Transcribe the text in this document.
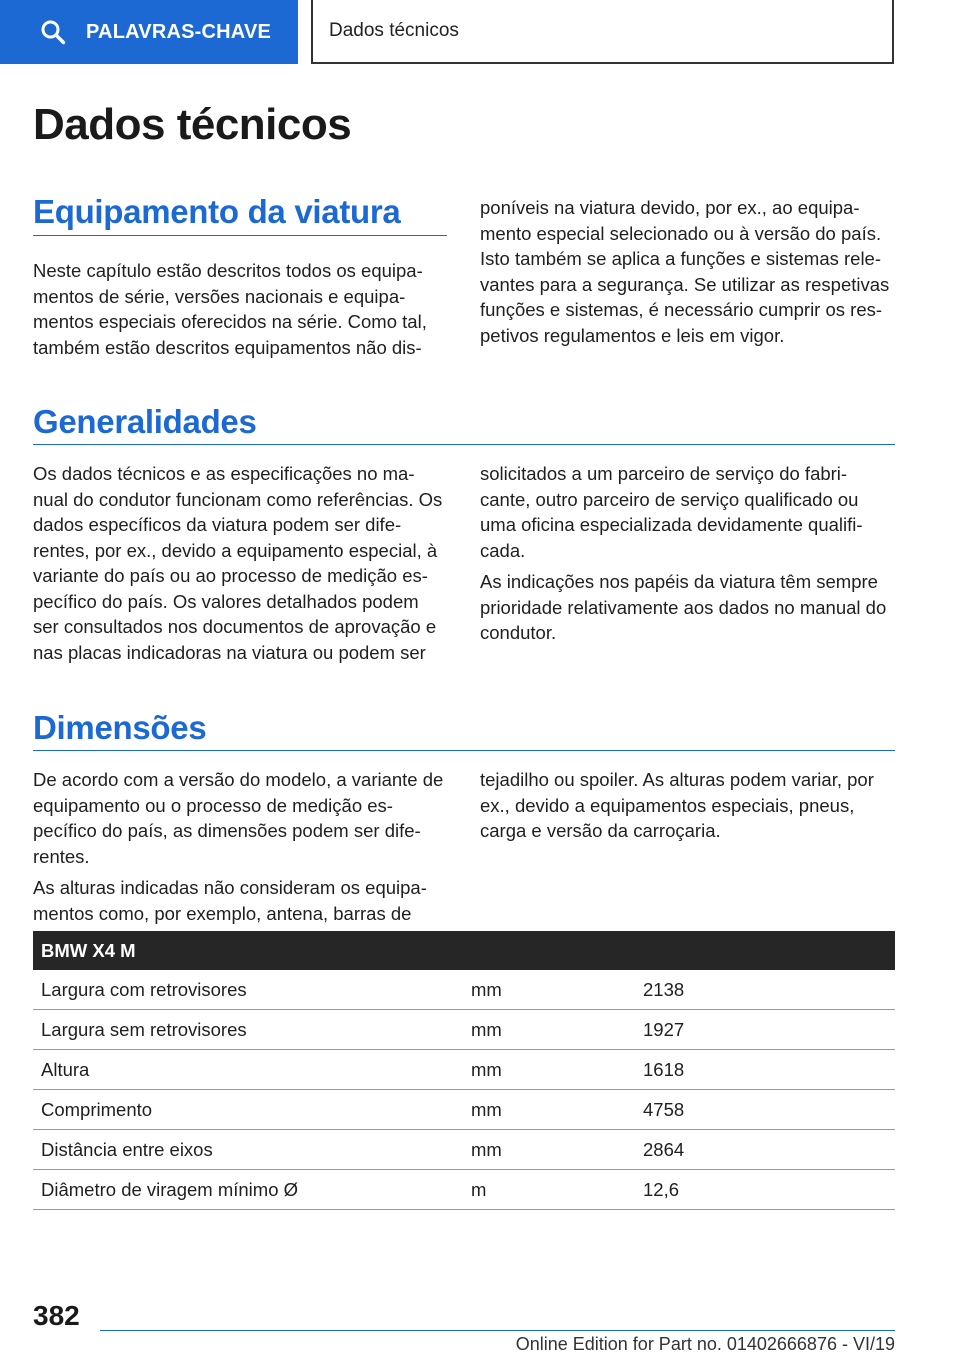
PALAVRAS-CHAVE	Dados técnicos
Dados técnicos
Equipamento da viatura

Neste capítulo estão descritos todos os equipa-mentos de série, versões nacionais e equipa-mentos especiais oferecidos na série. Como tal, também estão descritos equipamentos não dis-

poníveis na viatura devido, por ex., ao equipa-mento especial selecionado ou à versão do país. Isto também se aplica a funções e sistemas rele-vantes para a segurança. Se utilizar as respetivas funções e sistemas, é necessário cumprir os res-petivos regulamentos e leis em vigor.

Generalidades

Os dados técnicos e as especificações no ma-nual do condutor funcionam como referências. Os dados específicos da viatura podem ser dife-rentes, por ex., devido a equipamento especial, à variante do país ou ao processo de medição es-pecífico do país. Os valores detalhados podem ser consultados nos documentos de aprovação e nas placas indicadoras na viatura ou podem ser

solicitados a um parceiro de serviço do fabri-cante, outro parceiro de serviço qualificado ou uma oficina especializada devidamente qualifi-cada.

As indicações nos papéis da viatura têm sempre prioridade relativamente aos dados no manual do condutor.

Dimensões

De acordo com a versão do modelo, a variante de equipamento ou o processo de medição es-pecífico do país, as dimensões podem ser dife-rentes.

As alturas indicadas não consideram os equipa-mentos como, por exemplo, antena, barras de

tejadilho ou spoiler. As alturas podem variar, por ex., devido a equipamentos especiais, pneus, carga e versão da carroçaria.

BMW X4 M		
Largura com retrovisores	mm	2138
Largura sem retrovisores	mm	1927
Altura	mm	1618
Comprimento	mm	4758
Distância entre eixos	mm	2864
Diâmetro de viragem mínimo Ø	m	12,6
382
Online Edition for Part no. 01402666876 - VI/19
